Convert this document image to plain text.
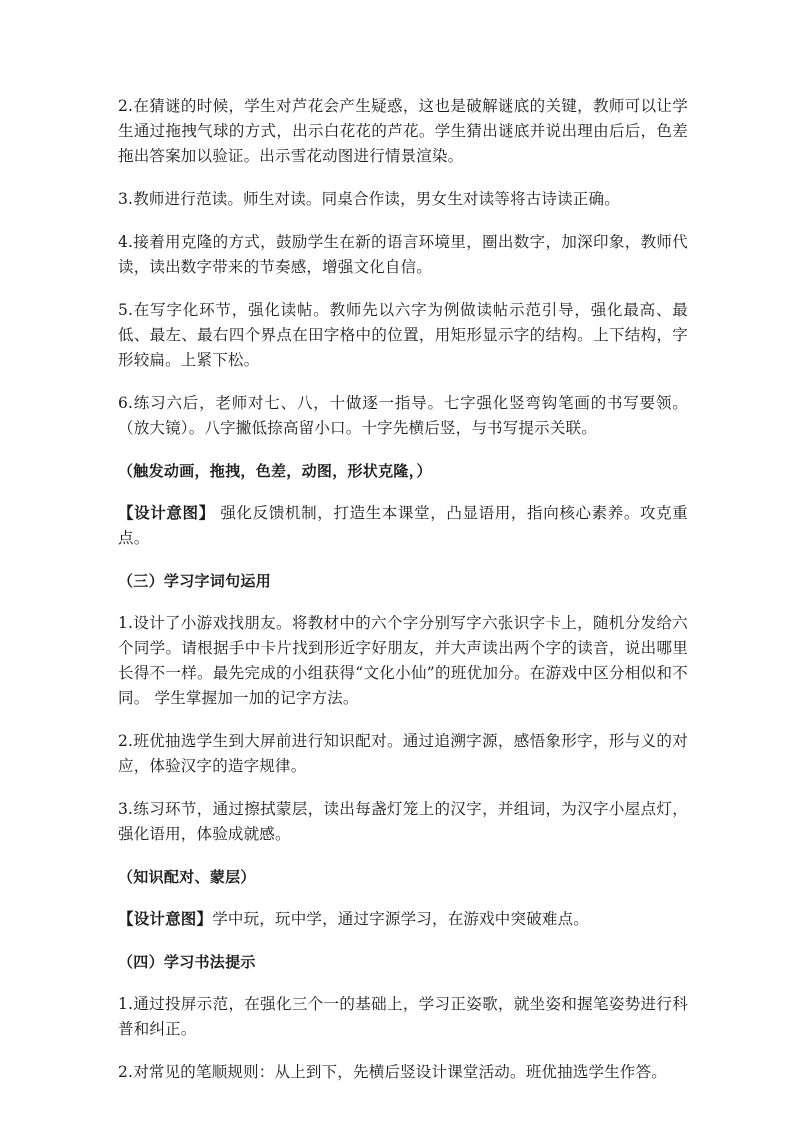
2.在猜谜的时候，学生对芦花会产生疑惑，这也是破解谜底的关键，教师可以让学生通过拖拽气球的方式，出示白花花的芦花。学生猜出谜底并说出理由后后，色差拖出答案加以验证。出示雪花动图进行情景渲染。

3.教师进行范读。师生对读。同桌合作读，男女生对读等将古诗读正确。

4.接着用克隆的方式，鼓励学生在新的语言环境里，圈出数字，加深印象，教师代读，读出数字带来的节奏感，增强文化自信。

5.在写字化环节，强化读帖。教师先以六字为例做读帖示范引导，强化最高、最低、最左、最右四个界点在田字格中的位置，用矩形显示字的结构。上下结构，字形较扁。上紧下松。

6.练习六后，老师对七、八，十做逐一指导。七字强化竖弯钩笔画的书写要领。（放大镜）。八字撇低捺高留小口。十字先横后竖，与书写提示关联。

（触发动画，拖拽，色差，动图，形状克隆，）

【设计意图】 强化反馈机制，打造生本课堂，凸显语用，指向核心素养。攻克重点。

（三）学习字词句运用

1.设计了小游戏找朋友。将教材中的六个字分别写字六张识字卡上，随机分发给六个同学。请根据手中卡片找到形近字好朋友，并大声读出两个字的读音，说出哪里长得不一样。最先完成的小组获得“文化小仙”的班优加分。在游戏中区分相似和不同。 学生掌握加一加的记字方法。

2.班优抽选学生到大屏前进行知识配对。通过追溯字源，感悟象形字，形与义的对应，体验汉字的造字规律。

3.练习环节，通过擦拭蒙层，读出每盏灯笼上的汉字，并组词，为汉字小屋点灯，强化语用，体验成就感。

（知识配对、蒙层）

【设计意图】学中玩，玩中学，通过字源学习，在游戏中突破难点。

（四）学习书法提示

1.通过投屏示范，在强化三个一的基础上，学习正姿歌，就坐姿和握笔姿势进行科普和纠正。

2.对常见的笔顺规则：从上到下，先横后竖设计课堂活动。班优抽选学生作答。
